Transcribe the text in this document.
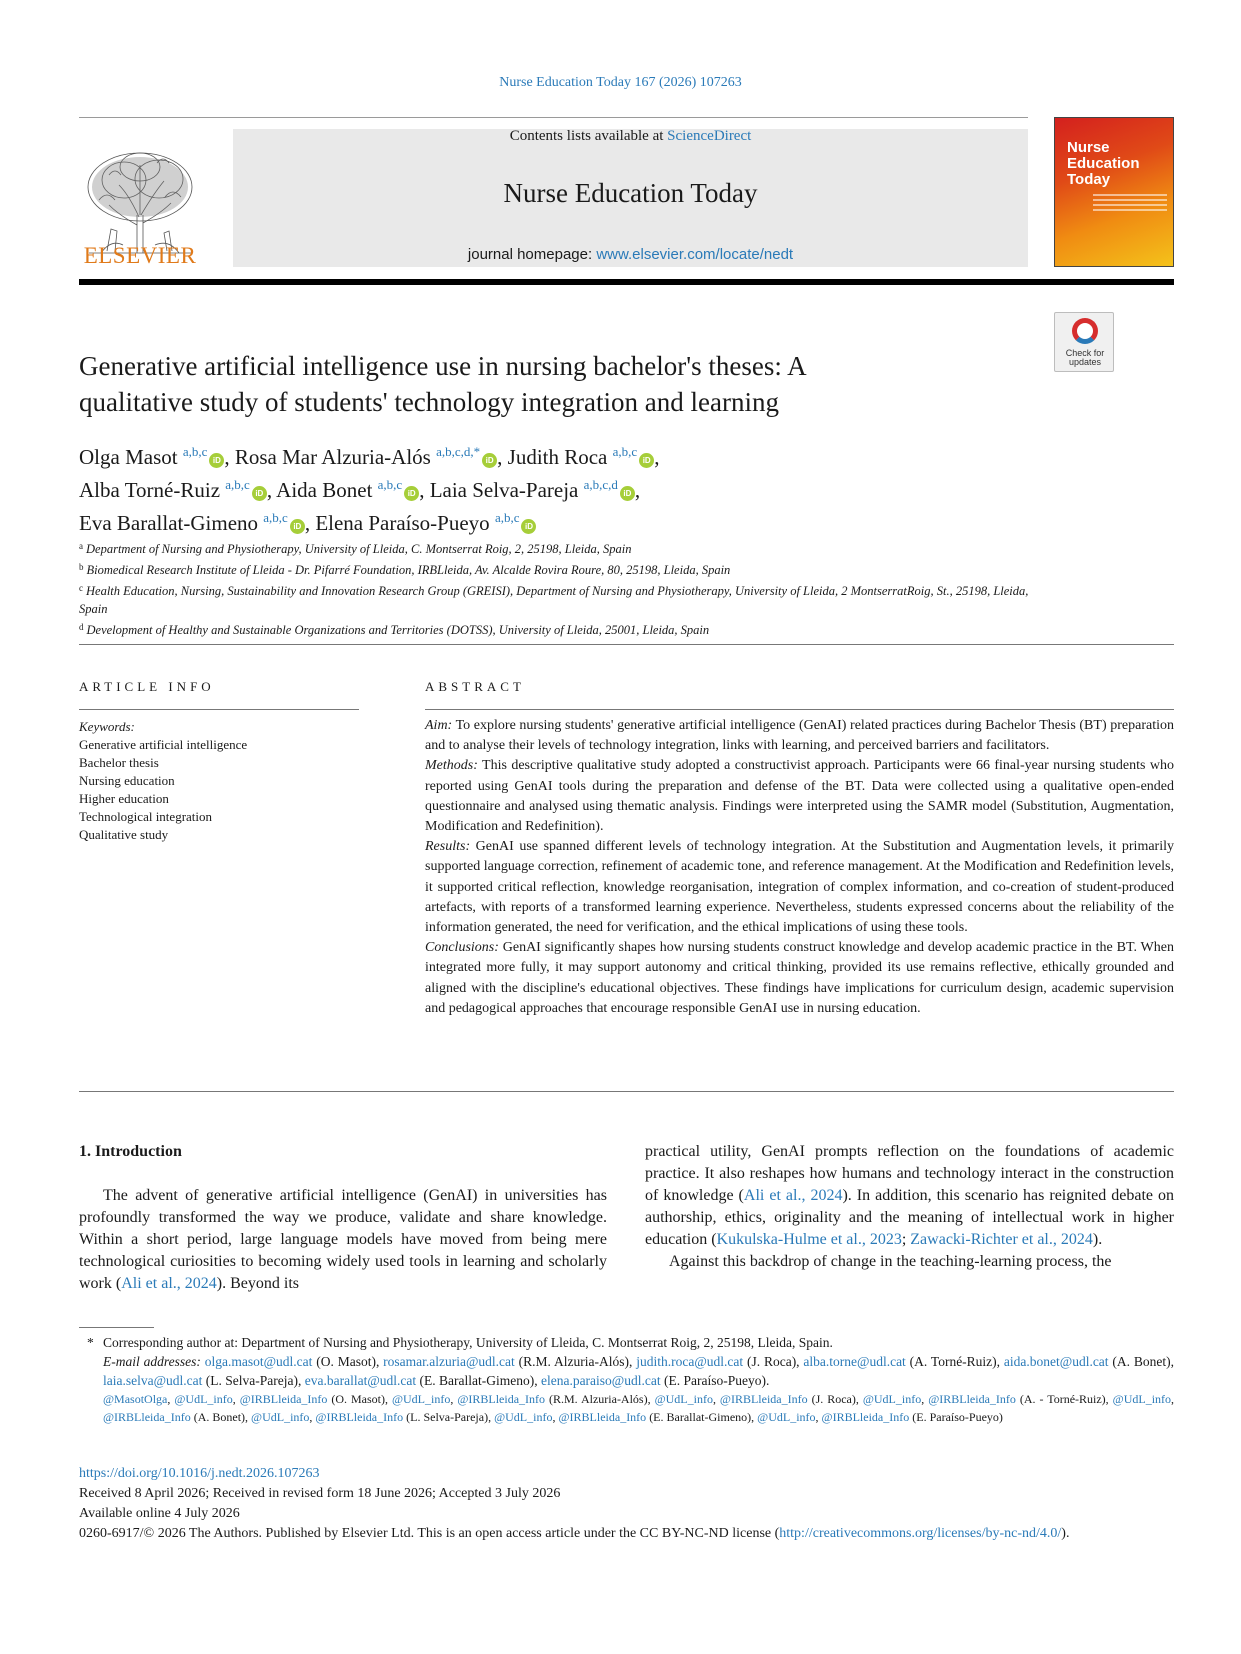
Nurse Education Today 167 (2026) 107263
ELSEVIER
Contents lists available at ScienceDirect
Nurse Education Today
journal homepage: www.elsevier.com/locate/nedt
Nurse
Education
Today
Check for
updates
Generative artificial intelligence use in nursing bachelor's theses: A
qualitative study of students' technology integration and learning
Olga Masot $^{a,b,c}$iD , Rosa Mar Alzuria-Alós $^{a,b,c,d,*}$iD , Judith Roca $^{a,b,c}$iD ,
Alba Torné-Ruiz $^{a,b,c}$iD , Aida Bonet $^{a,b,c}$iD , Laia Selva-Pareja $^{a,b,c,d}$iD ,
Eva Barallat-Gimeno $^{a,b,c}$iD , Elena Paraíso-Pueyo $^{a,b,c}$iD
$^a$ Department of Nursing and Physiotherapy, University of Lleida, C. Montserrat Roig, 2, 25198, Lleida, Spain
$^b$ Biomedical Research Institute of Lleida - Dr. Pifarré Foundation, IRBLleida, Av. Alcalde Rovira Roure, 80, 25198, Lleida, Spain
$^c$ Health Education, Nursing, Sustainability and Innovation Research Group (GREISI), Department of Nursing and Physiotherapy, University of Lleida, 2 MontserratRoig, St., 25198, Lleida, Spain
$^d$ Development of Healthy and Sustainable Organizations and Territories (DOTSS), University of Lleida, 25001, Lleida, Spain
ARTICLE INFO	ABSTRACT
Keywords:
Generative artificial intelligence
Bachelor thesis
Nursing education
Higher education
Technological integration
Qualitative study

Aim: To explore nursing students' generative artificial intelligence (GenAI) related practices during Bachelor Thesis (BT) preparation and to analyse their levels of technology integration, links with learning, and perceived barriers and facilitators.

Methods: This descriptive qualitative study adopted a constructivist approach. Participants were 66 final-year nursing students who reported using GenAI tools during the preparation and defense of the BT. Data were collected using a qualitative open-ended questionnaire and analysed using thematic analysis. Findings were interpreted using the SAMR model (Substitution, Augmentation, Modification and Redefinition).

Results: GenAI use spanned different levels of technology integration. At the Substitution and Augmentation levels, it primarily supported language correction, refinement of academic tone, and reference management. At the Modification and Redefinition levels, it supported critical reflection, knowledge reorganisation, integration of complex information, and co-creation of student-produced artefacts, with reports of a transformed learning experience. Nevertheless, students expressed concerns about the reliability of the information generated, the need for verification, and the ethical implications of using these tools.

Conclusions: GenAI significantly shapes how nursing students construct knowledge and develop academic practice in the BT. When integrated more fully, it may support autonomy and critical thinking, provided its use remains reflective, ethically grounded and aligned with the discipline's educational objectives. These findings have implications for curriculum design, academic supervision and pedagogical approaches that encourage responsible GenAI use in nursing education.

1. Introduction

The advent of generative artificial intelligence (GenAI) in universities has profoundly transformed the way we produce, validate and share knowledge. Within a short period, large language models have moved from being mere technological curiosities to becoming widely used tools in learning and scholarly work (Ali et al., 2024). Beyond its

practical utility, GenAI prompts reflection on the foundations of academic practice. It also reshapes how humans and technology interact in the construction of knowledge (Ali et al., 2024). In addition, this scenario has reignited debate on authorship, ethics, originality and the meaning of intellectual work in higher education (Kukulska-Hulme et al., 2023; Zawacki-Richter et al., 2024).

Against this backdrop of change in the teaching-learning process, the

* Corresponding author at: Department of Nursing and Physiotherapy, University of Lleida, C. Montserrat Roig, 2, 25198, Lleida, Spain.
E-mail addresses: olga.masot@udl.cat (O. Masot), rosamar.alzuria@udl.cat (R.M. Alzuria-Alós), judith.roca@udl.cat (J. Roca), alba.torne@udl.cat (A. Torné-Ruiz), aida.bonet@udl.cat (A. Bonet), laia.selva@udl.cat (L. Selva-Pareja), eva.barallat@udl.cat (E. Barallat-Gimeno), elena.paraiso@udl.cat (E. Paraíso-Pueyo).
@MasotOlga, @UdL_info, @IRBLleida_Info (O. Masot), @UdL_info, @IRBLleida_Info (R.M. Alzuria-Alós), @UdL_info, @IRBLleida_Info (J. Roca), @UdL_info, @IRBLleida_Info (A. - Torné-Ruiz), @UdL_info, @IRBLleida_Info (A. Bonet), @UdL_info, @IRBLleida_Info (L. Selva-Pareja), @UdL_info, @IRBLleida_Info (E. Barallat-Gimeno), @UdL_info, @IRBLleida_Info (E. Paraíso-Pueyo)
https://doi.org/10.1016/j.nedt.2026.107263
Received 8 April 2026; Received in revised form 18 June 2026; Accepted 3 July 2026
Available online 4 July 2026
0260-6917/© 2026 The Authors. Published by Elsevier Ltd. This is an open access article under the CC BY-NC-ND license (http://creativecommons.org/licenses/by-nc-nd/4.0/).
